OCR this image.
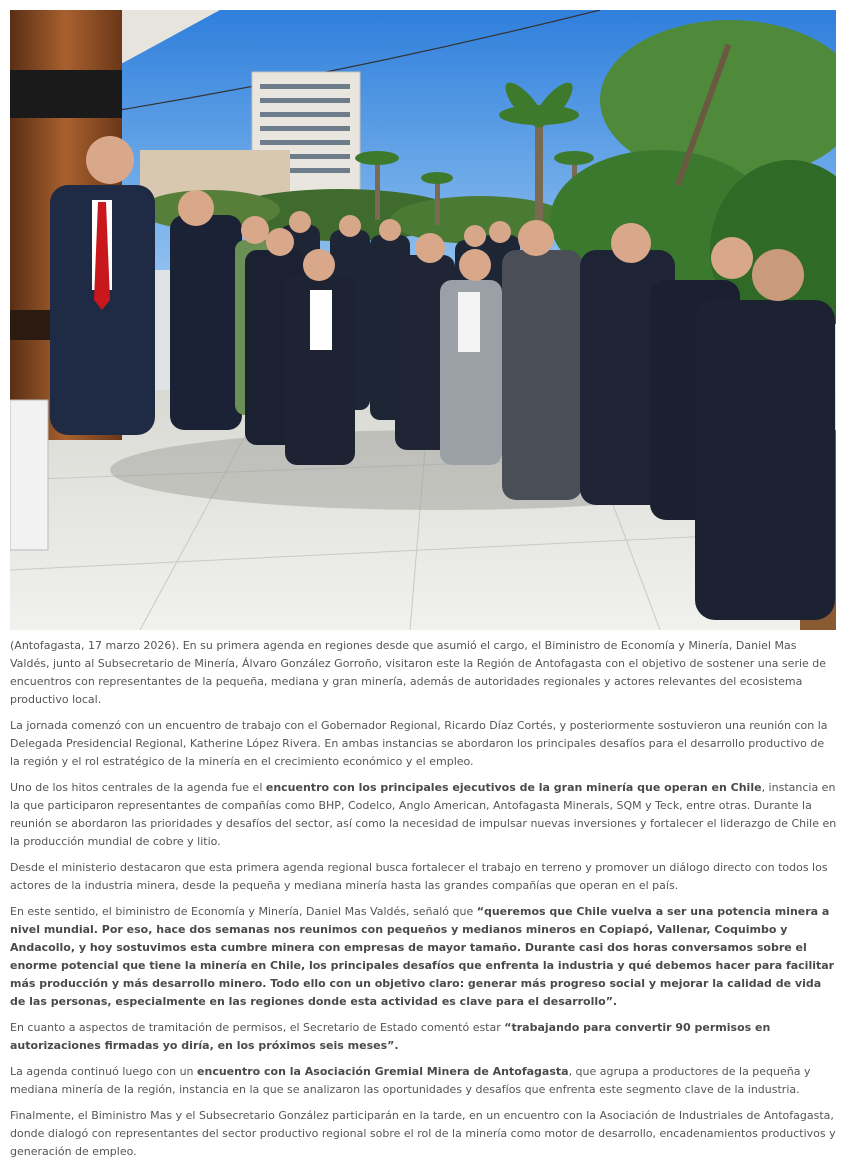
(Antofagasta, 17 marzo 2026). En su primera agenda en regiones desde que asumió el cargo, el Biministro de Economía y Minería, Daniel Mas Valdés, junto al Subsecretario de Minería, Álvaro González Gorroño, visitaron este la Región de Antofagasta con el objetivo de sostener una serie de encuentros con representantes de la pequeña, mediana y gran minería, además de autoridades regionales y actores relevantes del ecosistema productivo local.

La jornada comenzó con un encuentro de trabajo con el Gobernador Regional, Ricardo Díaz Cortés, y posteriormente sostuvieron una reunión con la Delegada Presidencial Regional, Katherine López Rivera. En ambas instancias se abordaron los principales desafíos para el desarrollo productivo de la región y el rol estratégico de la minería en el crecimiento económico y el empleo.

Uno de los hitos centrales de la agenda fue el encuentro con los principales ejecutivos de la gran minería que operan en Chile, instancia en la que participaron representantes de compañías como BHP, Codelco, Anglo American, Antofagasta Minerals, SQM y Teck, entre otras. Durante la reunión se abordaron las prioridades y desafíos del sector, así como la necesidad de impulsar nuevas inversiones y fortalecer el liderazgo de Chile en la producción mundial de cobre y litio.

Desde el ministerio destacaron que esta primera agenda regional busca fortalecer el trabajo en terreno y promover un diálogo directo con todos los actores de la industria minera, desde la pequeña y mediana minería hasta las grandes compañías que operan en el país.

En este sentido, el biministro de Economía y Minería, Daniel Mas Valdés, señaló que “queremos que Chile vuelva a ser una potencia minera a nivel mundial. Por eso, hace dos semanas nos reunimos con pequeños y medianos mineros en Copiapó, Vallenar, Coquimbo y Andacollo, y hoy sostuvimos esta cumbre minera con empresas de mayor tamaño. Durante casi dos horas conversamos sobre el enorme potencial que tiene la minería en Chile, los principales desafíos que enfrenta la industria y qué debemos hacer para facilitar más producción y más desarrollo minero. Todo ello con un objetivo claro: generar más progreso social y mejorar la calidad de vida de las personas, especialmente en las regiones donde esta actividad es clave para el desarrollo”.

En cuanto a aspectos de tramitación de permisos, el Secretario de Estado comentó estar “trabajando para convertir 90 permisos en autorizaciones firmadas yo diría, en los próximos seis meses”.

La agenda continuó luego con un encuentro con la Asociación Gremial Minera de Antofagasta, que agrupa a productores de la pequeña y mediana minería de la región, instancia en la que se analizaron las oportunidades y desafíos que enfrenta este segmento clave de la industria.

Finalmente, el Biministro Mas y el Subsecretario González participarán en la tarde, en un encuentro con la Asociación de Industriales de Antofagasta, donde dialogó con representantes del sector productivo regional sobre el rol de la minería como motor de desarrollo, encadenamientos productivos y generación de empleo.
